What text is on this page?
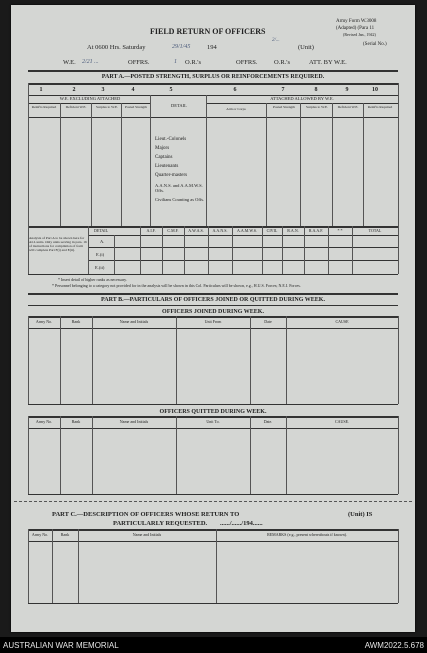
Army Form W.3008
(Adapted) (Para 11
(Revised Jan., 1942)
FIELD RETURN OF OFFICERS
At 0600 Hrs. Saturday	29/1/45	194
2/...
(Unit)	(Serial No.)
W.E. 2/21 ...	OFFRS.	1 O.R.'s	OFFRS.	O.R.'s	ATT. BY W.E.
PART A.—POSTED STRENGTH, SURPLUS OR REINFORCEMENTS REQUIRED.
1	2	3	4	5	6	7	8	9	10
W.E. EXCLUDING ATTACHED	ATTACHED ALLOWED BY W.E.
DETAIL
Reinf'ts Required	Deficient W.E.	Surplus to W.E.	Posted Strength	Arm or Corps	Posted Strength	Surplus to W.E.	Deficient W.E.	Reinf'ts Required
Lieut.-Colonels
Majors
Captains
Lieutenants
Quarter-masters
A.A.N.S. and A.A.M.W.S. Offs.
Civilians Counting as Offs.
Analysis of Part A to be shown here for ALL units. Only units serving in para. 16 of instructions for compilation of form will complete Part F(i) and E(ii).
DETAIL	A.I.F.	C.M.F.	A.W.A.S.	A.A.N.S.	A.A.M.W.S.	CIVIL	R.A.N.	R.A.A.F.	* *	TOTAL
A.
E.(i)
E.(ii)
* Insert detail of higher ranks as necessary.
* Personnel belonging to a category not provided for in the analysis will be shown in this Col. Particulars will be shown, e.g., H.U.S. Forces; N.E.I. Forces.
PART B.—PARTICULARS OF OFFICERS JOINED OR QUITTED DURING WEEK.
OFFICERS JOINED DURING WEEK.
Army No.	Rank	Name and Initials	Unit From	Date	CAUSE
OFFICERS QUITTED DURING WEEK.
Army No.	Rank	Name and Initials	Unit To.	Date.	CAUSE.
PART C.—DESCRIPTION OF OFFICERS WHOSE RETURN TO	(Unit) IS
PARTICULARLY REQUESTED. ....../....../194......
Army No.	Rank	Name and Initials	REMARKS (e.g., present whereabouts if known).
AUSTRALIAN WAR MEMORIAL	AWM2022.5.678
